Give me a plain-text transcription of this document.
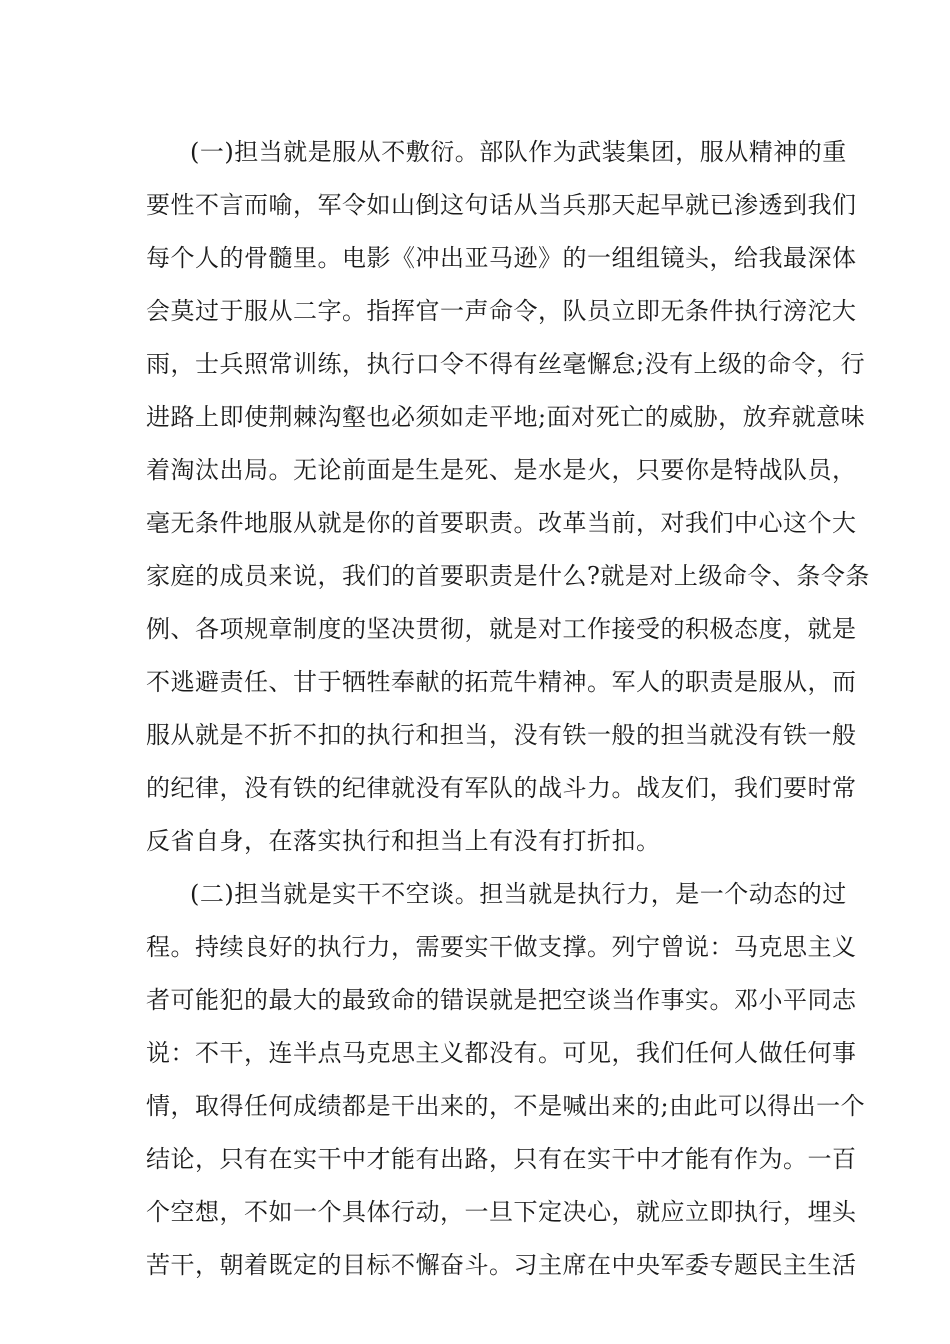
(一)担当就是服从不敷衍。部队作为武装集团，服从精神的重
要性不言而喻，军令如山倒这句话从当兵那天起早就已渗透到我们
每个人的骨髓里。电影《冲出亚马逊》的一组组镜头，给我最深体
会莫过于服从二字。指挥官一声命令，队员立即无条件执行滂沱大
雨，士兵照常训练，执行口令不得有丝毫懈怠;没有上级的命令，行
进路上即使荆棘沟壑也必须如走平地;面对死亡的威胁，放弃就意味
着淘汰出局。无论前面是生是死、是水是火，只要你是特战队员，
毫无条件地服从就是你的首要职责。改革当前，对我们中心这个大
家庭的成员来说，我们的首要职责是什么?就是对上级命令、条令条
例、各项规章制度的坚决贯彻，就是对工作接受的积极态度，就是
不逃避责任、甘于牺牲奉献的拓荒牛精神。军人的职责是服从，而
服从就是不折不扣的执行和担当，没有铁一般的担当就没有铁一般
的纪律，没有铁的纪律就没有军队的战斗力。战友们，我们要时常
反省自身，在落实执行和担当上有没有打折扣。
(二)担当就是实干不空谈。担当就是执行力，是一个动态的过
程。持续良好的执行力，需要实干做支撑。列宁曾说：马克思主义
者可能犯的最大的最致命的错误就是把空谈当作事实。邓小平同志
说：不干，连半点马克思主义都没有。可见，我们任何人做任何事
情，取得任何成绩都是干出来的，不是喊出来的;由此可以得出一个
结论，只有在实干中才能有出路，只有在实干中才能有作为。一百
个空想，不如一个具体行动，一旦下定决心，就应立即执行，埋头
苦干，朝着既定的目标不懈奋斗。习主席在中央军委专题民主生活
